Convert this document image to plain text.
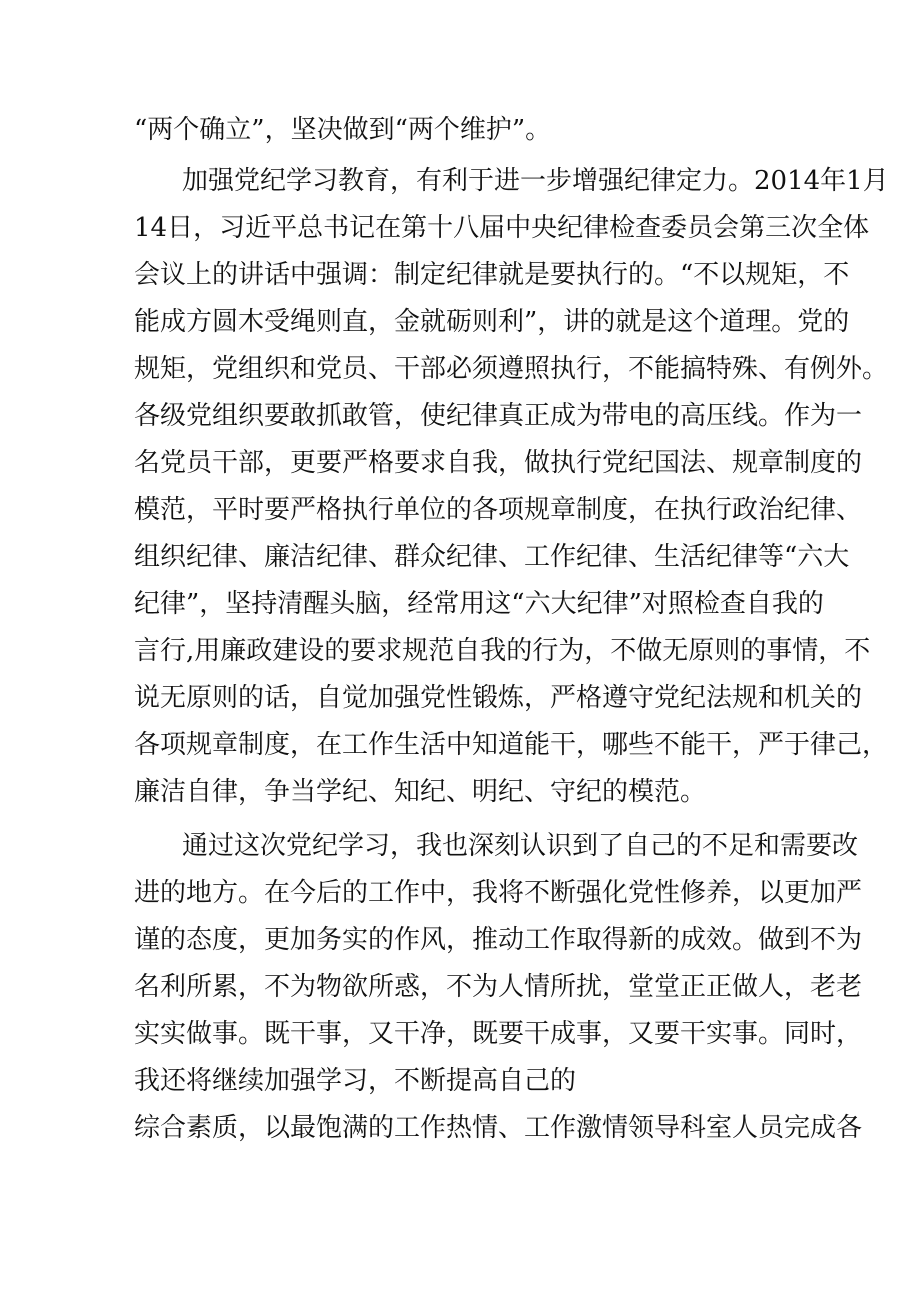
“两个确立”，坚决做到“两个维护”。
加强党纪学习教育，有利于进一步增强纪律定力。2014年1月
14日，习近平总书记在第十八届中央纪律检查委员会第三次全体
会议上的讲话中强调：制定纪律就是要执行的。“不以规矩，不
能成方圆木受绳则直，金就砺则利”，讲的就是这个道理。党的
规矩，党组织和党员、干部必须遵照执行，不能搞特殊、有例外。
各级党组织要敢抓敢管，使纪律真正成为带电的高压线。作为一
名党员干部，更要严格要求自我，做执行党纪国法、规章制度的
模范，平时要严格执行单位的各项规章制度，在执行政治纪律、
组织纪律、廉洁纪律、群众纪律、工作纪律、生活纪律等“六大
纪律”，坚持清醒头脑，经常用这“六大纪律”对照检查自我的
言行,用廉政建设的要求规范自我的行为，不做无原则的事情，不
说无原则的话，自觉加强党性锻炼，严格遵守党纪法规和机关的
各项规章制度，在工作生活中知道能干，哪些不能干，严于律己，
廉洁自律，争当学纪、知纪、明纪、守纪的模范。
通过这次党纪学习，我也深刻认识到了自己的不足和需要改
进的地方。在今后的工作中，我将不断强化党性修养，以更加严
谨的态度，更加务实的作风，推动工作取得新的成效。做到不为
名利所累，不为物欲所惑，不为人情所扰，堂堂正正做人，老老
实实做事。既干事，又干净，既要干成事，又要干实事。同时，
我还将继续加强学习，不断提高自己的
综合素质，以最饱满的工作热情、工作激情领导科室人员完成各
